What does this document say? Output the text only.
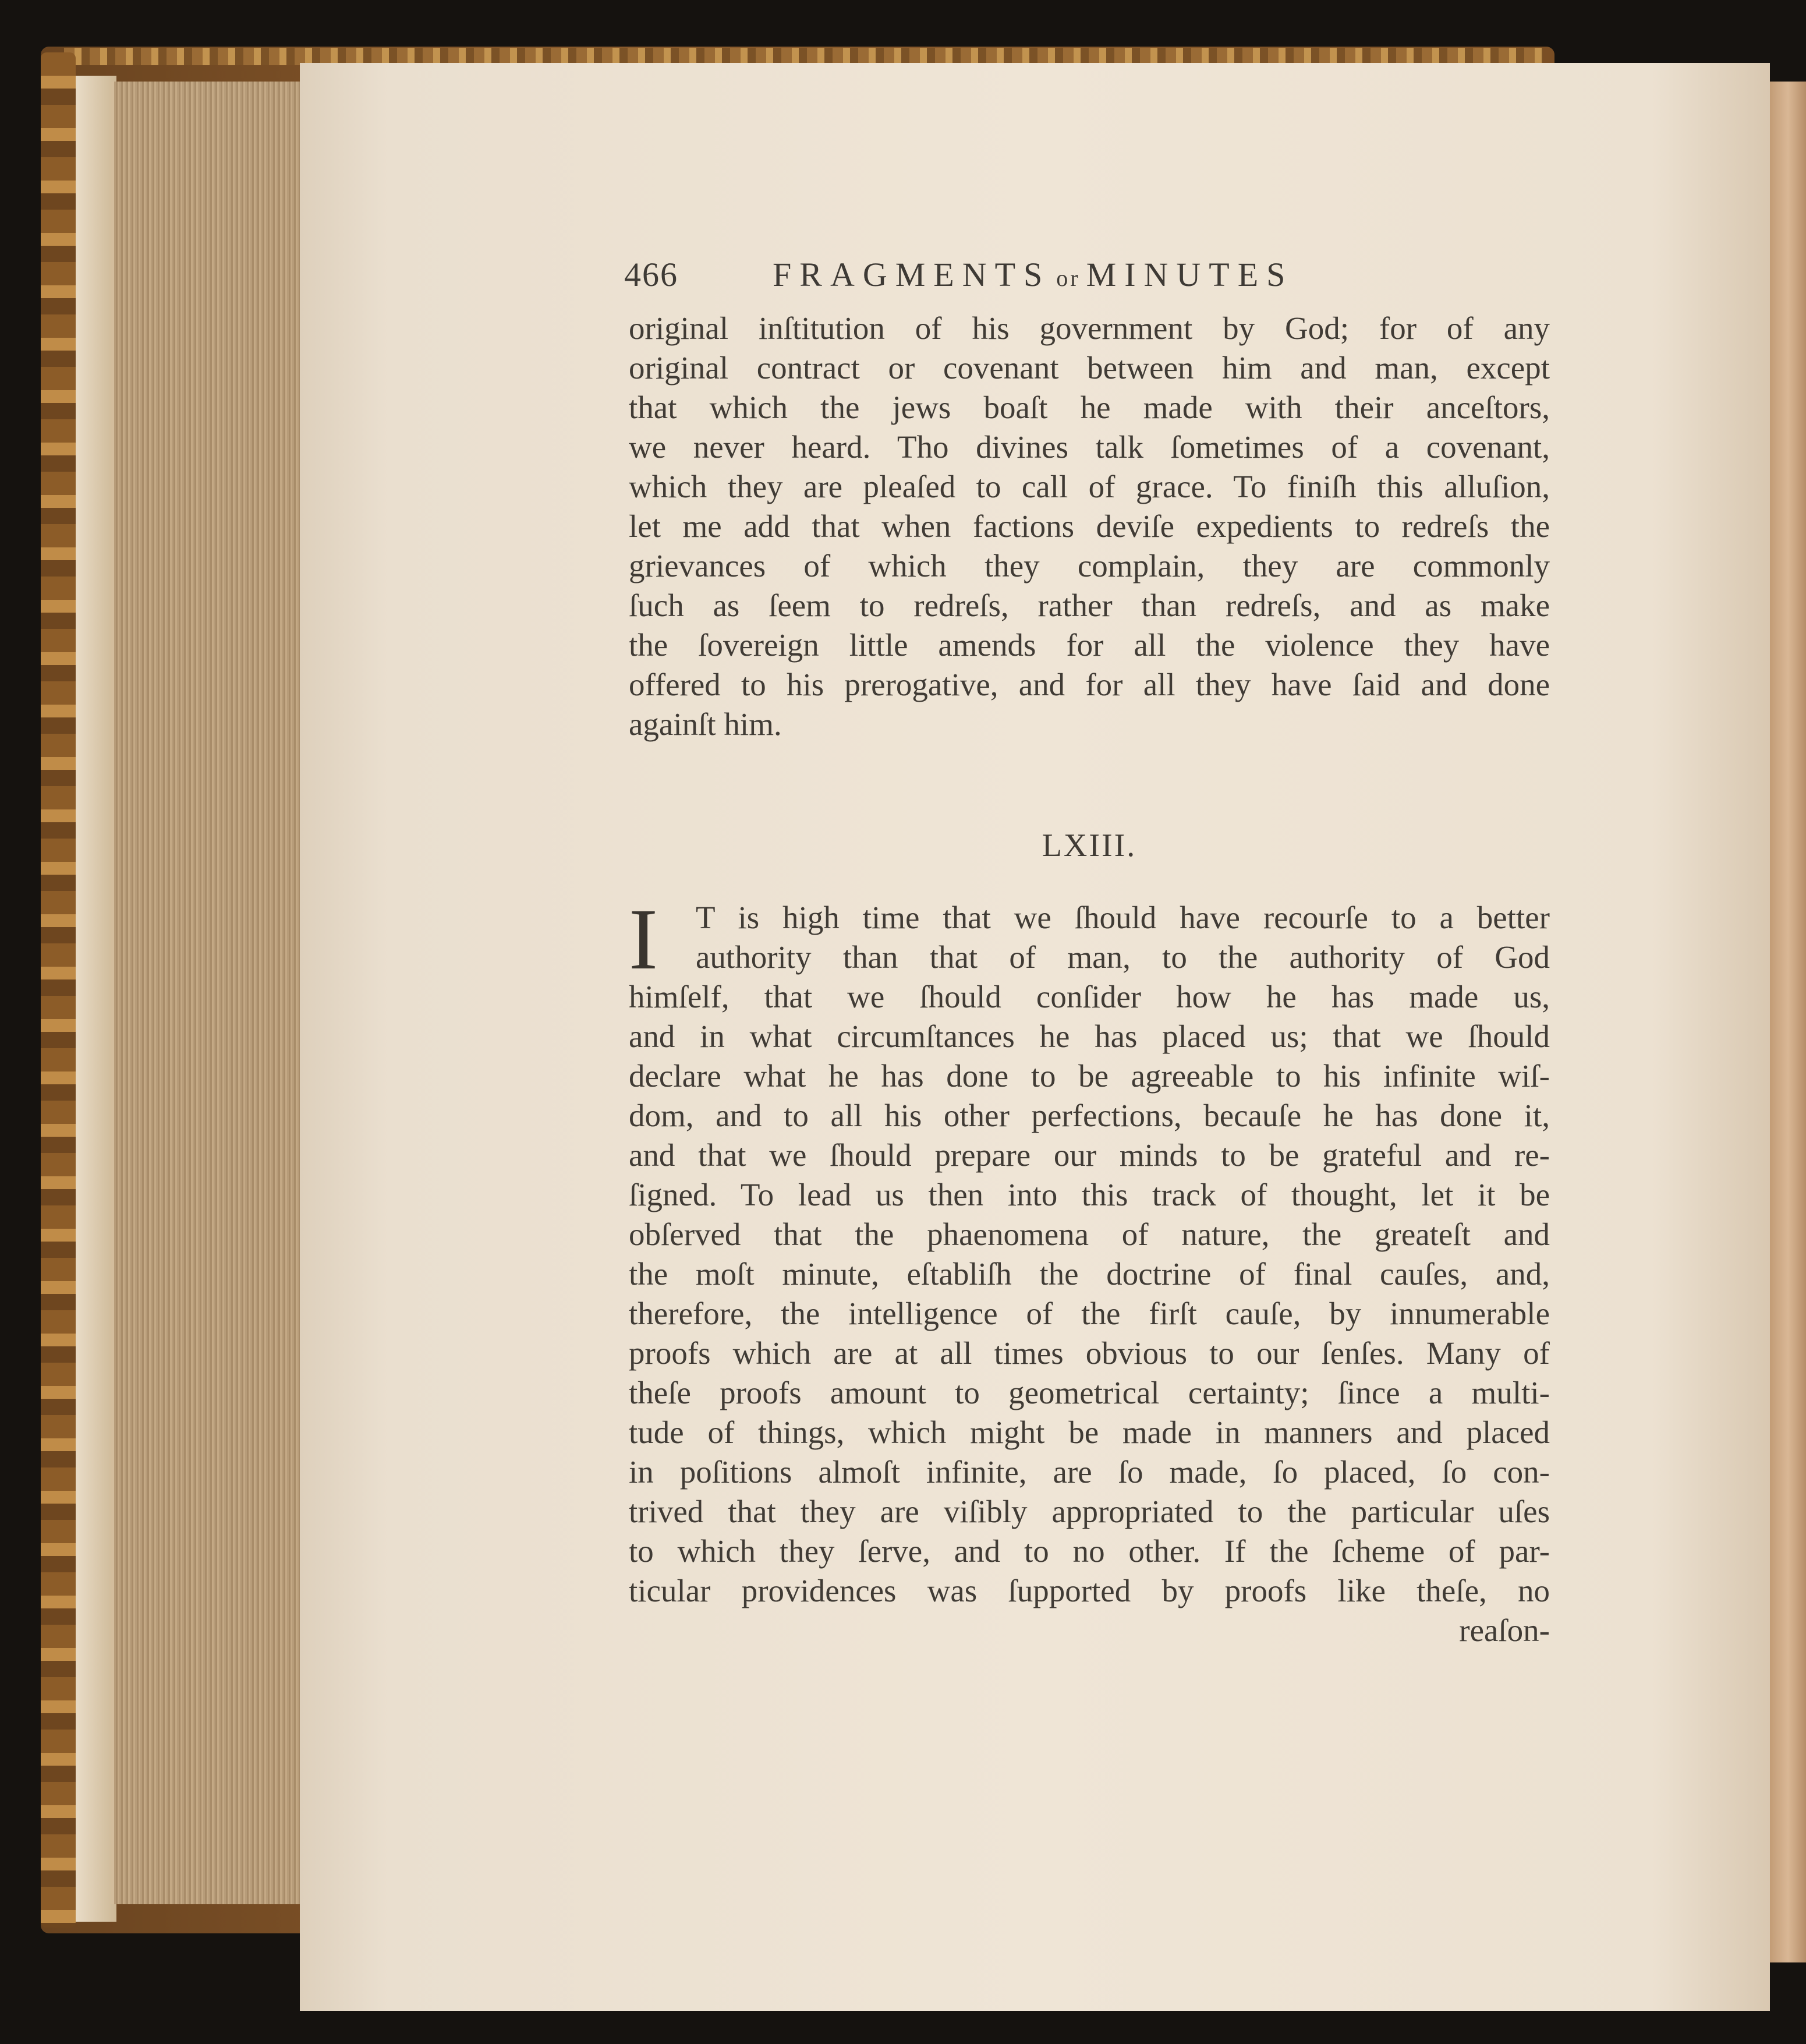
466	FRAGMENTS or MINUTES
original inſtitution of his government by God; for of any
original contract or covenant between him and man, except
that which the jews boaſt he made with their anceſtors,
we never heard. Tho divines talk ſometimes of a covenant,
which they are pleaſed to call of grace. To finiſh this alluſion,
let me add that when factions deviſe expedients to redreſs the
grievances of which they complain, they are commonly
ſuch as ſeem to redreſs, rather than redreſs, and as make
the ſovereign little amends for all the violence they have
offered to his prerogative, and for all they have ſaid and done
againſt him.
LXIII.
I	T is high time that we ſhould have recourſe to a better
authority than that of man, to the authority of God
himſelf, that we ſhould conſider how he has made us,
and in what circumſtances he has placed us; that we ſhould
declare what he has done to be agreeable to his infinite wiſ-
dom, and to all his other perfections, becauſe he has done it,
and that we ſhould prepare our minds to be grateful and re-
ſigned. To lead us then into this track of thought, let it be
obſerved that the phaenomena of nature, the greateſt and
the moſt minute, eſtabliſh the doctrine of final cauſes, and,
therefore, the intelligence of the firſt cauſe, by innumerable
proofs which are at all times obvious to our ſenſes. Many of
theſe proofs amount to geometrical certainty; ſince a multi-
tude of things, which might be made in manners and placed
in poſitions almoſt infinite, are ſo made, ſo placed, ſo con-
trived that they are viſibly appropriated to the particular uſes
to which they ſerve, and to no other. If the ſcheme of par-
ticular providences was ſupported by proofs like theſe, no
reaſon-
